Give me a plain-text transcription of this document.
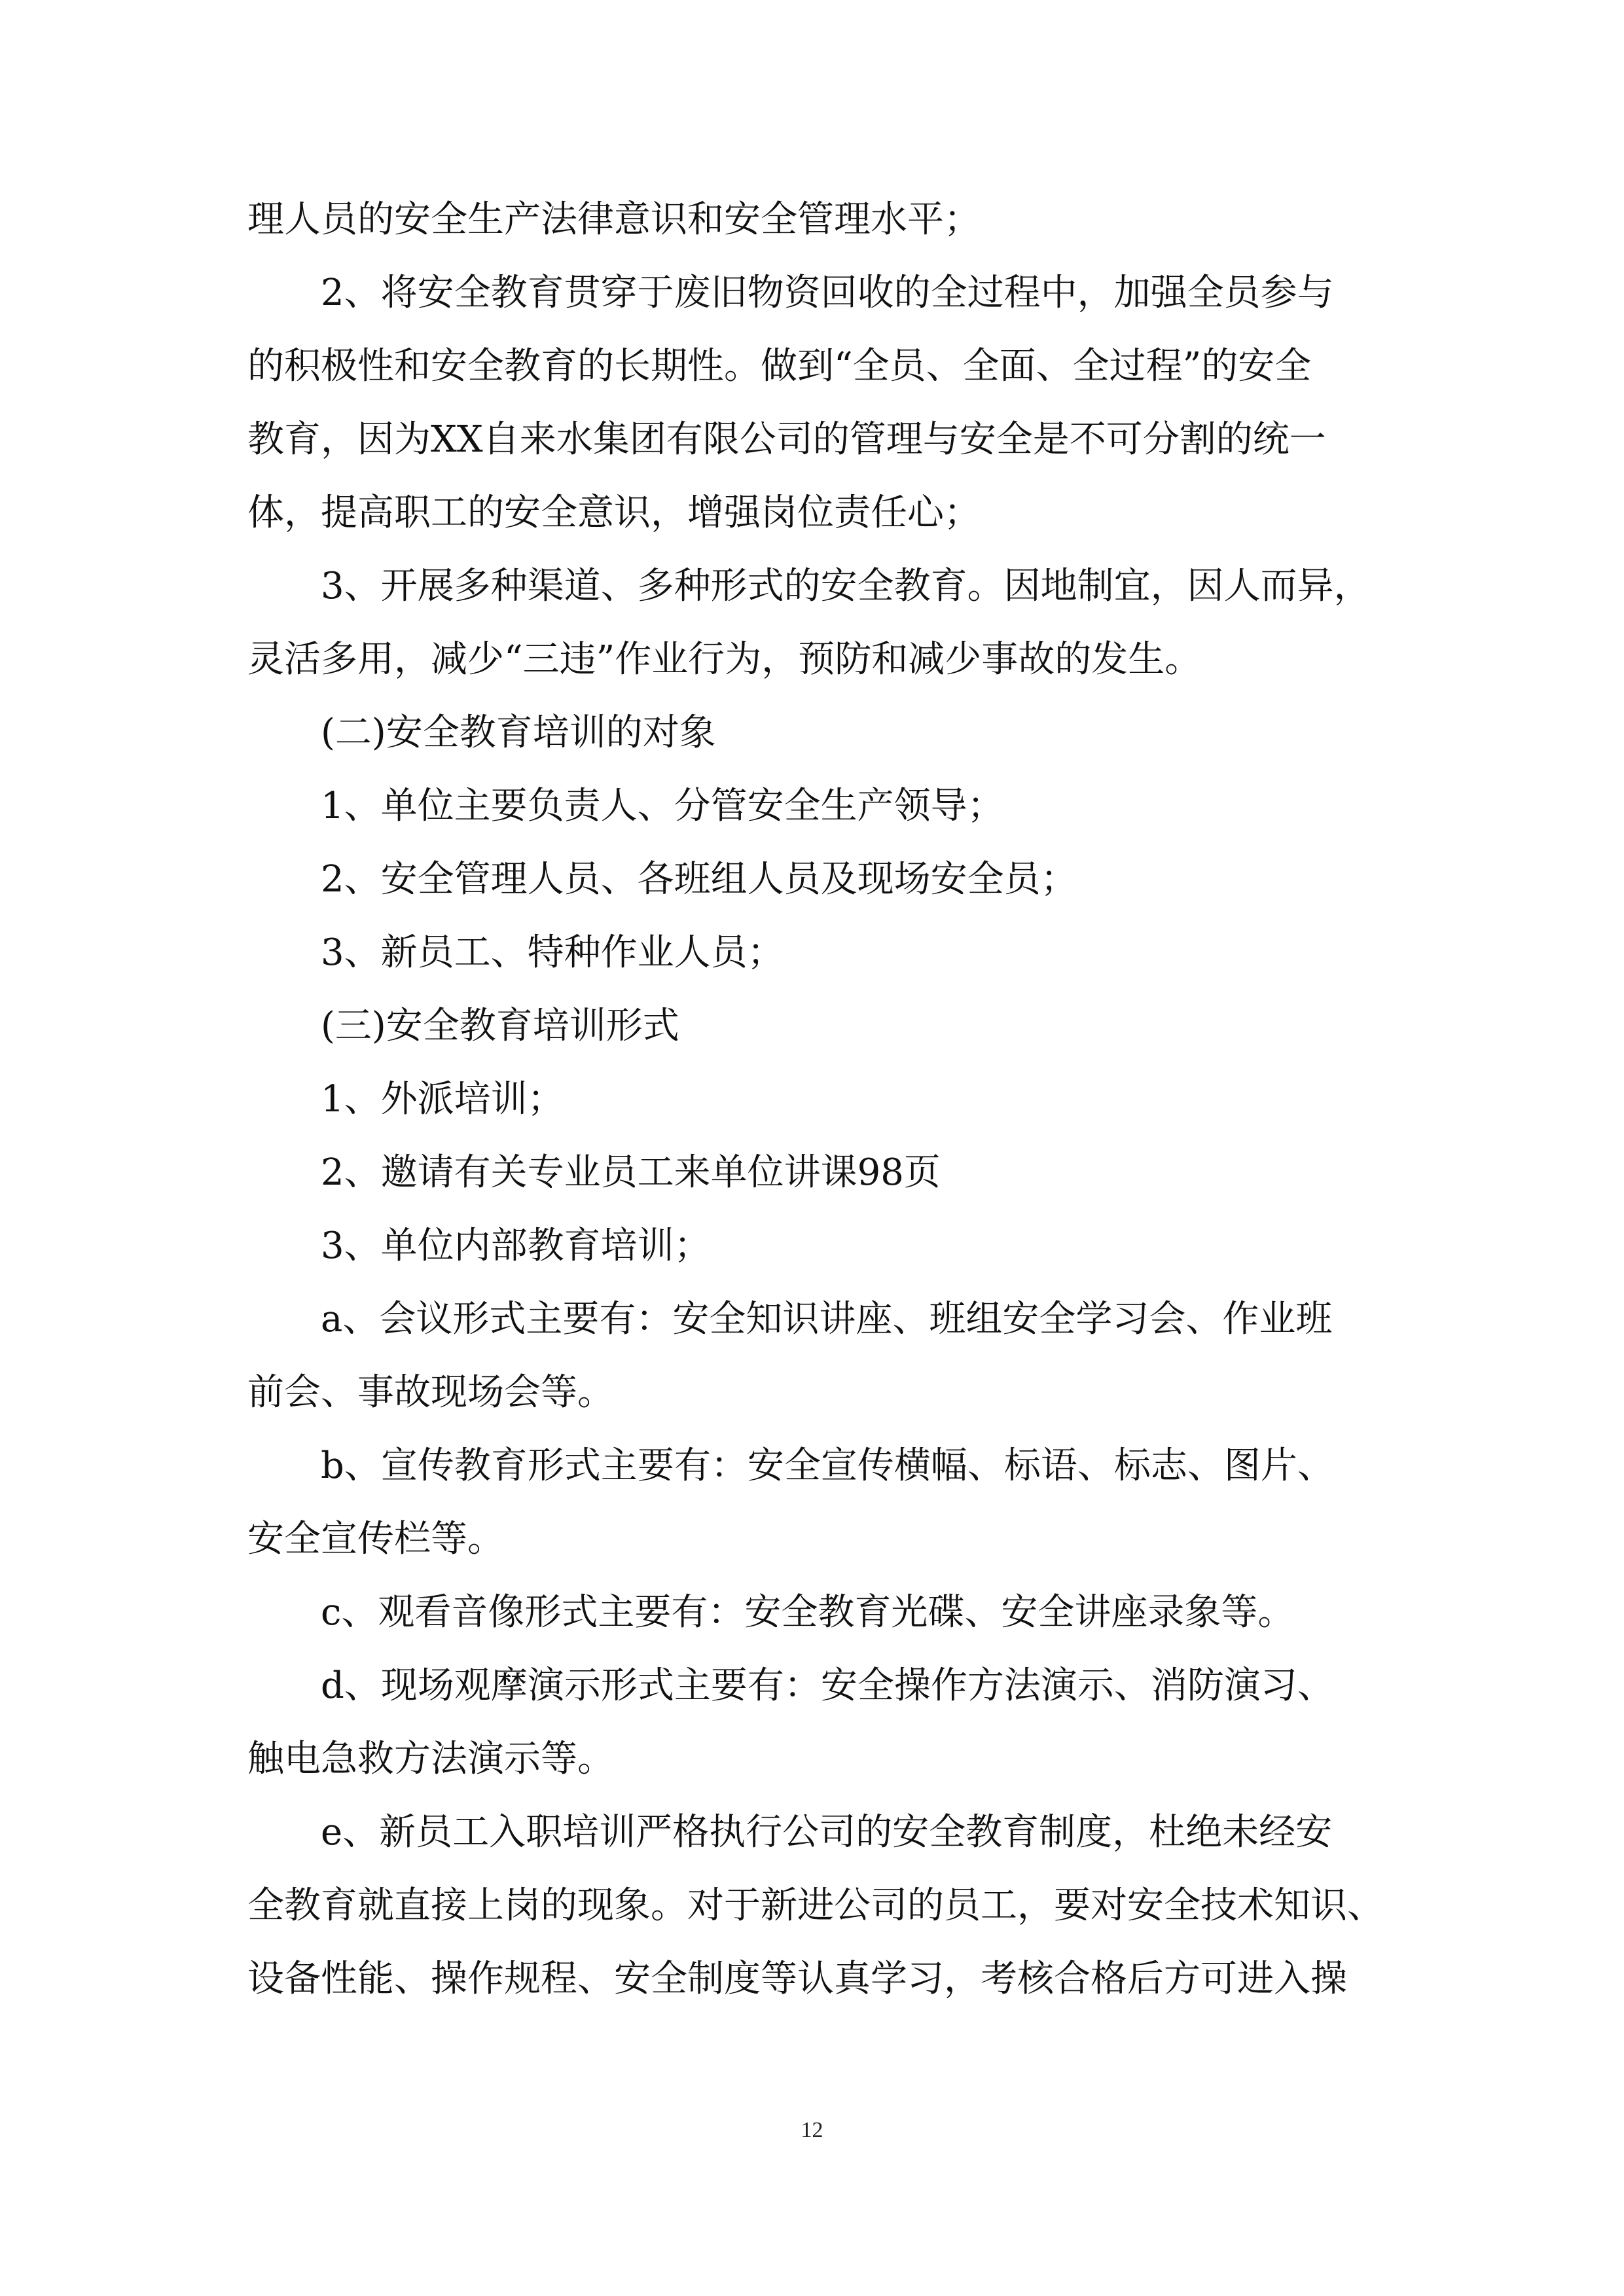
理人员的安全生产法律意识和安全管理水平；
2、将安全教育贯穿于废旧物资回收的全过程中，加强全员参与
的积极性和安全教育的长期性。做到“全员、全面、全过程”的安全
教育，因为XX自来水集团有限公司的管理与安全是不可分割的统一
体，提高职工的安全意识，增强岗位责任心；
3、开展多种渠道、多种形式的安全教育。因地制宜，因人而异，
灵活多用，减少“三违”作业行为，预防和减少事故的发生。
(二)安全教育培训的对象
1、单位主要负责人、分管安全生产领导；
2、安全管理人员、各班组人员及现场安全员；
3、新员工、特种作业人员；
(三)安全教育培训形式
1、外派培训；
2、邀请有关专业员工来单位讲课98页
3、单位内部教育培训；
a、会议形式主要有：安全知识讲座、班组安全学习会、作业班
前会、事故现场会等。
b、宣传教育形式主要有：安全宣传横幅、标语、标志、图片、
安全宣传栏等。
c、观看音像形式主要有：安全教育光碟、安全讲座录象等。
d、现场观摩演示形式主要有：安全操作方法演示、消防演习、
触电急救方法演示等。
e、新员工入职培训严格执行公司的安全教育制度，杜绝未经安
全教育就直接上岗的现象。对于新进公司的员工，要对安全技术知识、
设备性能、操作规程、安全制度等认真学习，考核合格后方可进入操
12
